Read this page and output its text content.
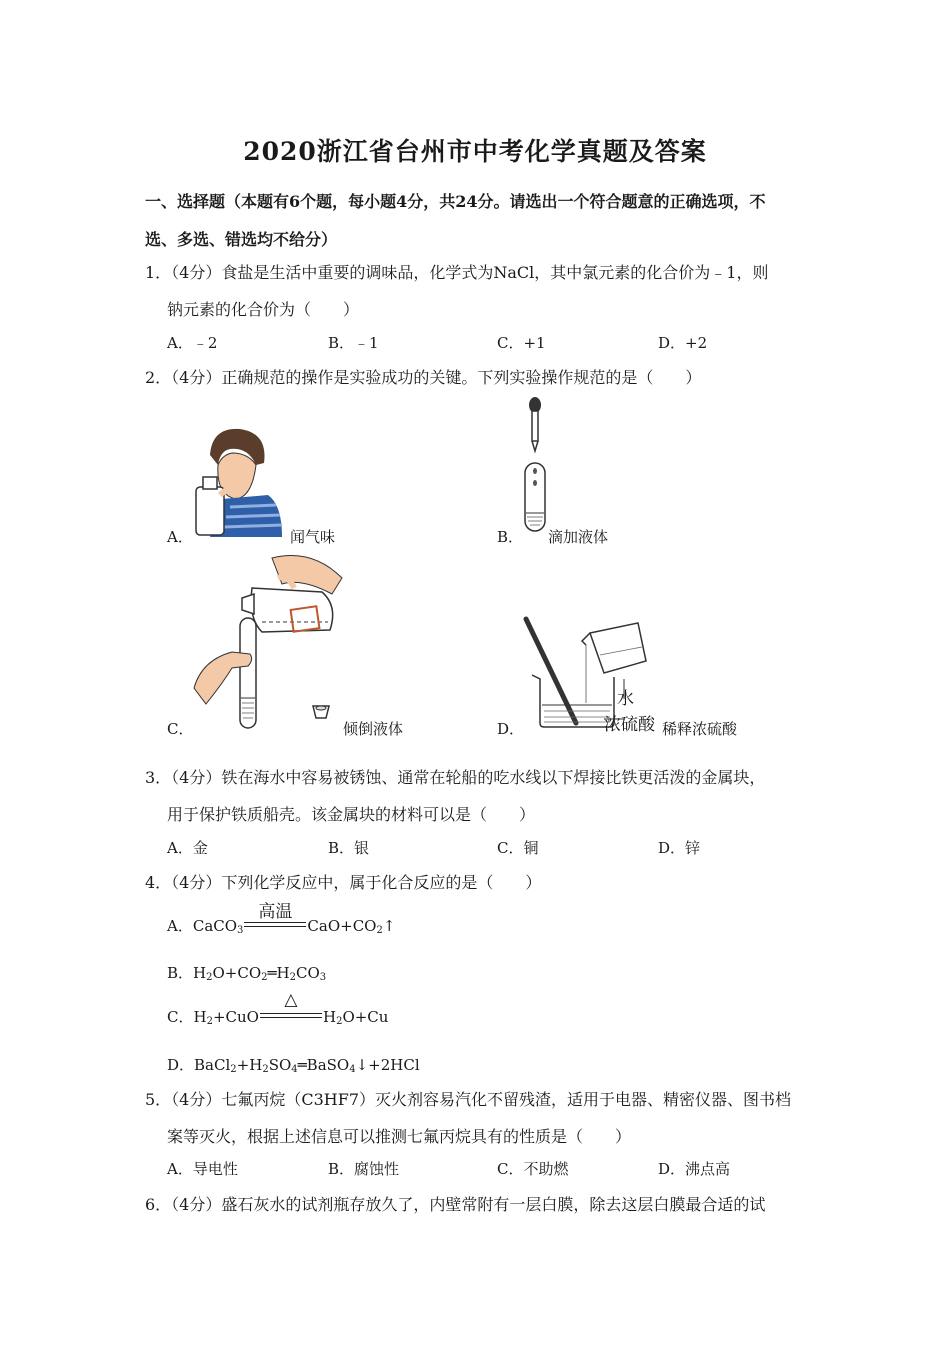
2020浙江省台州市中考化学真题及答案
一、选择题（本题有6个题，每小题4分，共24分。请选出一个符合题意的正确选项，不
选、多选、错选均不给分）
1．（4分）食盐是生活中重要的调味品，化学式为NaCl，其中氯元素的化合价为﹣1，则
钠元素的化合价为（　　）
A．﹣2	B．﹣1	C．+1	D．+2
2．（4分）正确规范的操作是实验成功的关键。下列实验操作规范的是（　　）
A．	闻气味	B． 滴加液体
C．	倾倒液体
水
浓硫酸
D．	稀释浓硫酸
3．（4分）铁在海水中容易被锈蚀、通常在轮船的吃水线以下焊接比铁更活泼的金属块，
用于保护铁质船壳。该金属块的材料可以是（　　）
A．金	B．银	C．铜	D．锌
4．（4分）下列化学反应中，属于化合反应的是（　　）
A．CaCO$_3$
高温
$CaO+CO_2↑$
B．$H_2O+CO_2═H_2CO_3$
C．$H_2+CuO$
△
$H_2O+Cu$
D．$BaCl_2+H_2SO_4═BaSO_4↓+2HCl$
5．（4分）七氟丙烷（C3HF7）灭火剂容易汽化不留残渣，适用于电器、精密仪器、图书档
案等灭火，根据上述信息可以推测七氟丙烷具有的性质是（　　）
A．导电性	B．腐蚀性	C．不助燃	D．沸点高
6．（4分）盛石灰水的试剂瓶存放久了，内壁常附有一层白膜，除去这层白膜最合适的试
